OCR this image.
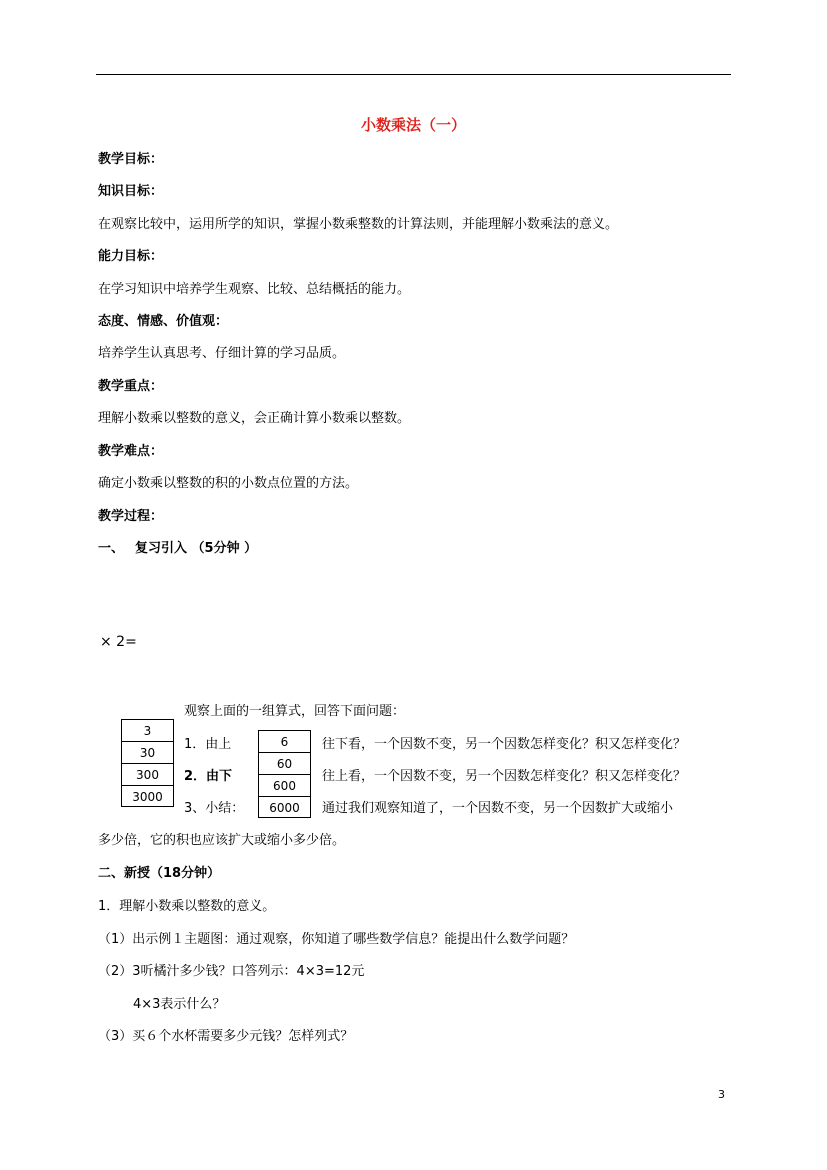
小数乘法（一）
教学目标：
知识目标：
在观察比较中，运用所学的知识，掌握小数乘整数的计算法则，并能理解小数乘法的意义。
能力目标：
在学习知识中培养学生观察、比较、总结概括的能力。
态度、情感、价值观：
培养学生认真思考、仔细计算的学习品质。
教学重点：
理解小数乘以整数的意义，会正确计算小数乘以整数。
教学难点：
确定小数乘以整数的积的小数点位置的方法。
教学过程：
一、　 复习引入 （5分钟 ）
× 2=
观察上面的一组算式，回答下面问题：
3
30
300
3000
6
60
600
6000
1．由上	往下看，一个因数不变，另一个因数怎样变化？积又怎样变化？
2．由下	往上看，一个因数不变，另一个因数怎样变化？积又怎样变化？
3、小结：	通过我们观察知道了，一个因数不变，另一个因数扩大或缩小
多少倍，它的积也应该扩大或缩小多少倍。
二、新授（18分钟）
1．理解小数乘以整数的意义。
（1）出示例１主题图：通过观察，你知道了哪些数学信息？能提出什么数学问题？
（2）3听橘汁多少钱？口答列示：4×3=12元
4×3表示什么？
（3）买６个水杯需要多少元钱？怎样列式？
3
